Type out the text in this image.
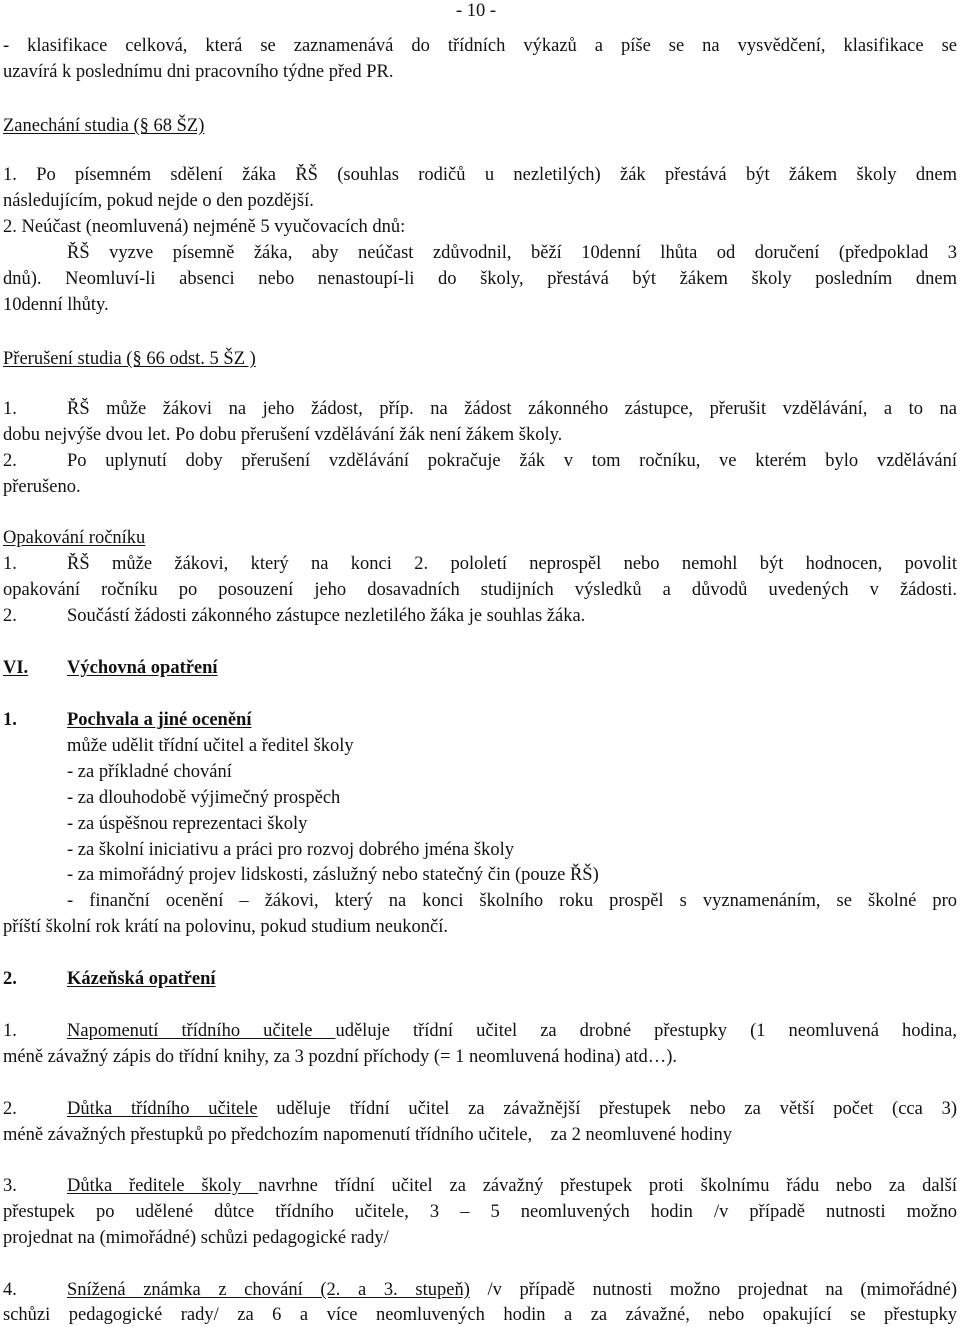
- 10 -
- klasifikace celková, která se zaznamenává do třídních výkazů a píše se na vysvědčení, klasifikace se
uzavírá k poslednímu dni pracovního týdne před PR.
Zanechání studia (§ 68 ŠZ)
1. Po písemném sdělení žáka ŘŠ (souhlas rodičů u nezletilých) žák přestává být žákem školy dnem
následujícím, pokud nejde o den pozdější.
2. Neúčast (neomluvená) nejméně 5 vyučovacích dnů:
ŘŠ vyzve písemně žáka, aby neúčast zdůvodnil, běží 10denní lhůta od doručení (předpoklad 3
dnů). Neomluví-li absenci nebo nenastoupí-li do školy, přestává být žákem školy posledním dnem
10denní lhůty.
Přerušení studia (§ 66 odst. 5 ŠZ )
1.	ŘŠ může žákovi na jeho žádost, příp. na žádost zákonného zástupce, přerušit vzdělávání, a to na
dobu nejvýše dvou let. Po dobu přerušení vzdělávání žák není žákem školy.
2.	Po uplynutí doby přerušení vzdělávání pokračuje žák v tom ročníku, ve kterém bylo vzdělávání
přerušeno.
Opakování ročníku
1.	ŘŠ může žákovi, který na konci 2. pololetí neprospěl nebo nemohl být hodnocen, povolit
opakování ročníku po posouzení jeho dosavadních studijních výsledků a důvodů uvedených v žádosti.
2.	Součástí žádosti zákonného zástupce nezletilého žáka je souhlas žáka.
VI. Výchovná opatření
1.	Pochvala a jiné ocenění
může udělit třídní učitel a ředitel školy
- za příkladné chování
- za dlouhodobě výjimečný prospěch
- za úspěšnou reprezentaci školy
- za školní iniciativu a práci pro rozvoj dobrého jména školy
- za mimořádný projev lidskosti, záslužný nebo statečný čin (pouze ŘŠ)
- finanční ocenění – žákovi, který na konci školního roku prospěl s vyznamenáním, se školné pro
příští školní rok krátí na polovinu, pokud studium neukončí.
2.	Kázeňská opatření
1.	Napomenutí třídního učitele uděluje třídní učitel za drobné přestupky (1 neomluvená hodina,
méně závažný zápis do třídní knihy, za 3 pozdní příchody (= 1 neomluvená hodina) atd…).
2.	Důtka třídního učitele uděluje třídní učitel za závažnější přestupek nebo za větší počet (cca 3)
méně závažných přestupků po předchozím napomenutí třídního učitele,    za 2 neomluvené hodiny
3.	Důtka ředitele školy navrhne třídní učitel za závažný přestupek proti školnímu řádu nebo za další
přestupek po udělené důtce třídního učitele, 3 – 5 neomluvených hodin /v případě nutnosti možno
projednat na (mimořádné) schůzi pedagogické rady/
4.	Snížená známka z chování (2. a 3. stupeň) /v případě nutnosti možno projednat na (mimořádné)
schůzi pedagogické rady/ za 6 a více neomluvených hodin a za závažné, nebo opakující se přestupky
